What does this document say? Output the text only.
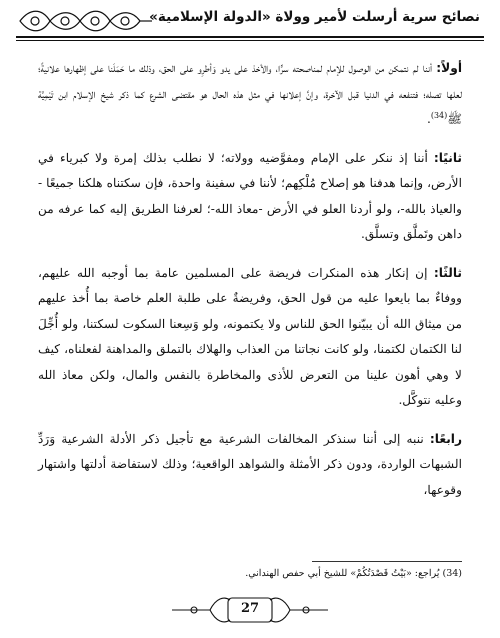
نصائح سرية أرسلت لأمير وولاة «الدولة الإسلامية»

أولاً: أننا لم نتمكن من الوصول للإمام لمناصحته سرًّا، والأخذ على يدو وَأطرِو على الحق، وذلك ما حَمَلَنا على إظهارها علانيةً؛ لعلها تصله؛ فتنفعه في الدنيا قبل الآخرة، وإنَّ إعلانها في مثل هذه الحال هو مقتضى الشرع كما ذكر شيخ الإسلام ابن تَيْمِيَّة ﷺ$^{(34)}$.

ثانيًا: أننا إذ ننكر على الإمام ومفوَّضيه وولاته؛ لا نطلب بذلك إمرة ولا كبرياء في الأرض، وإنما هدفنا هو إصلاح مُلْكِهم؛ لأننا في سفينة واحدة، فإن سكتناه هلكنا جميعًا - والعياذ بالله-، ولو أردنا العلو في الأرض -معاذ الله-؛ لعرفنا الطريق إليه كما عرفه من داهن وتَملَّق وتسلَّق.

ثالثًا: إن إنكار هذه المنكرات فريضة على المسلمين عامة بما أوجبه الله عليهم، ووفاءٌ بما بايعوا عليه من قول الحق، وفريضةٌ على طلبة العلم خاصة بما أُخذ عليهم من ميثاق الله أن يبيّنوا الحق للناس ولا يكتمونه، ولو وَسِعنا السكوت لسكتنا، ولو أُجِّلَ لنا الكتمان لكتمنا، ولو كانت نجاتنا من العذاب والهلاك بالتملق والمداهنة لفعلناه، كيف لا وهي أهون علينا من التعرض للأذى والمخاطرة بالنفس والمال، ولكن معاذ الله وعليه نتوكَّل.

رابعًا: ننبه إلى أننا سنذكر المخالفات الشرعية مع تأجيل ذكر الأدلة الشرعية وَرَدِّ الشبهات الواردة، ودون ذكر الأمثلة والشواهد الواقعية؛ وذلك لاستفاضة أدلتها واشتهار وقوعها،

(34) يُراجع: «بَيْتُ قَصْدَتُكُمْ» للشيخ أبي حفص الهنداني.
27
